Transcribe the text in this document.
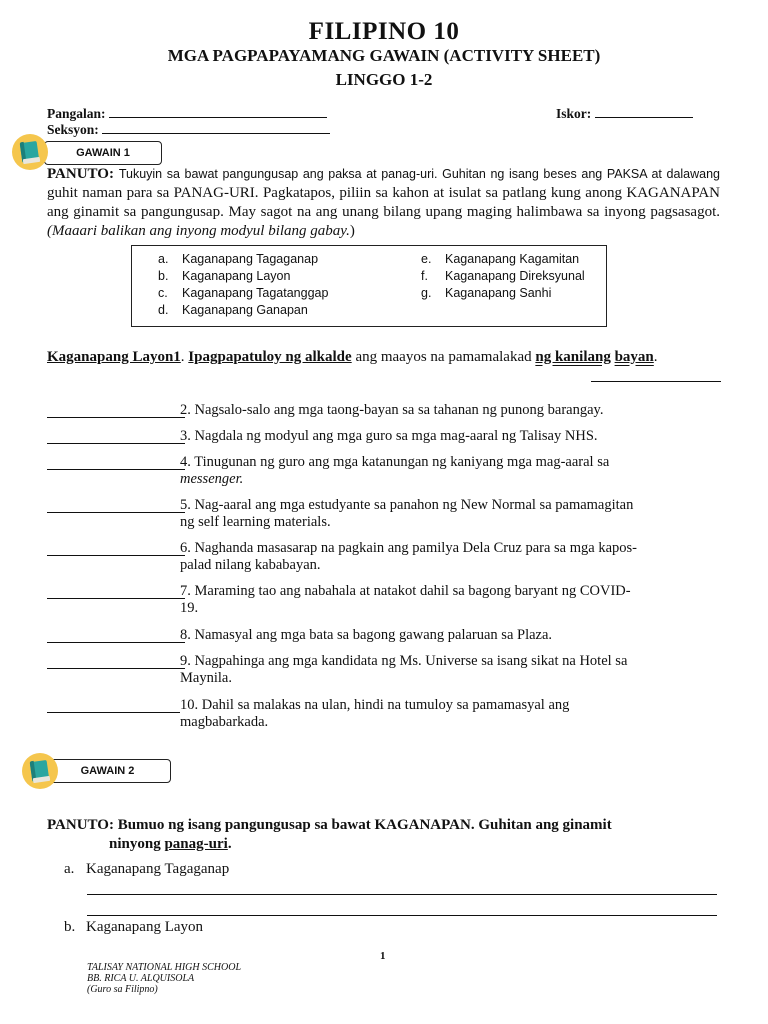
FILIPINO 10
MGA PAGPAPAYAMANG GAWAIN (ACTIVITY SHEET)
LINGGO 1-2
Pangalan:
Seksyon:
Iskor:
GAWAIN 1
PANUTO: Tukuyin sa bawat pangungusap ang paksa at panag-uri. Guhitan ng isang beses ang PAKSA at dalawang guhit naman para sa PANAG-URI. Pagkatapos, piliin sa kahon at isulat sa patlang kung anong KAGANAPAN ang ginamit sa pangungusap. May sagot na ang unang bilang upang maging halimbawa sa inyong pagsasagot. (Maaari balikan ang inyong modyul bilang gabay.)
a. Kaganapang Tagaganap
b. Kaganapang Layon
c. Kaganapang Tagatanggap
d. Kaganapang Ganapan
e. Kaganapang Kagamitan
f. Kaganapang Direksyunal
g. Kaganapang Sanhi
Kaganapang Layon1. Ipagpapatuloy ng alkalde ang maayos na pamamalakad ng kanilang bayan.
2. Nagsalo-salo ang mga taong-bayan sa sa tahanan ng punong barangay.
3. Nagdala ng modyul ang mga guro sa mga mag-aaral ng Talisay NHS.
4. Tinugunan ng guro ang mga katanungan ng kaniyang mga mag-aaral sa
messenger.
5. Nag-aaral ang mga estudyante sa panahon ng New Normal sa pamamagitan
ng self learning materials.
6. Naghanda masasarap na pagkain ang pamilya Dela Cruz para sa mga kapos-
palad nilang kababayan.
7. Maraming tao ang nabahala at natakot dahil sa bagong baryant ng COVID-
19.
8. Namasyal ang mga bata sa bagong gawang palaruan sa Plaza.
9. Nagpahinga ang mga kandidata ng Ms. Universe sa isang sikat na Hotel sa
Maynila.
10. Dahil sa malakas na ulan, hindi na tumuloy sa pamamasyal ang
magbabarkada.
GAWAIN 2
PANUTO: Bumuo ng isang pangungusap sa bawat KAGANAPAN. Guhitan ang ginamit
ninyong panag-uri.
a. Kaganapang Tagaganap
b. Kaganapang Layon
1
TALISAY NATIONAL HIGH SCHOOL
BB. RICA U. ALQUISOLA
(Guro sa Filipno)
